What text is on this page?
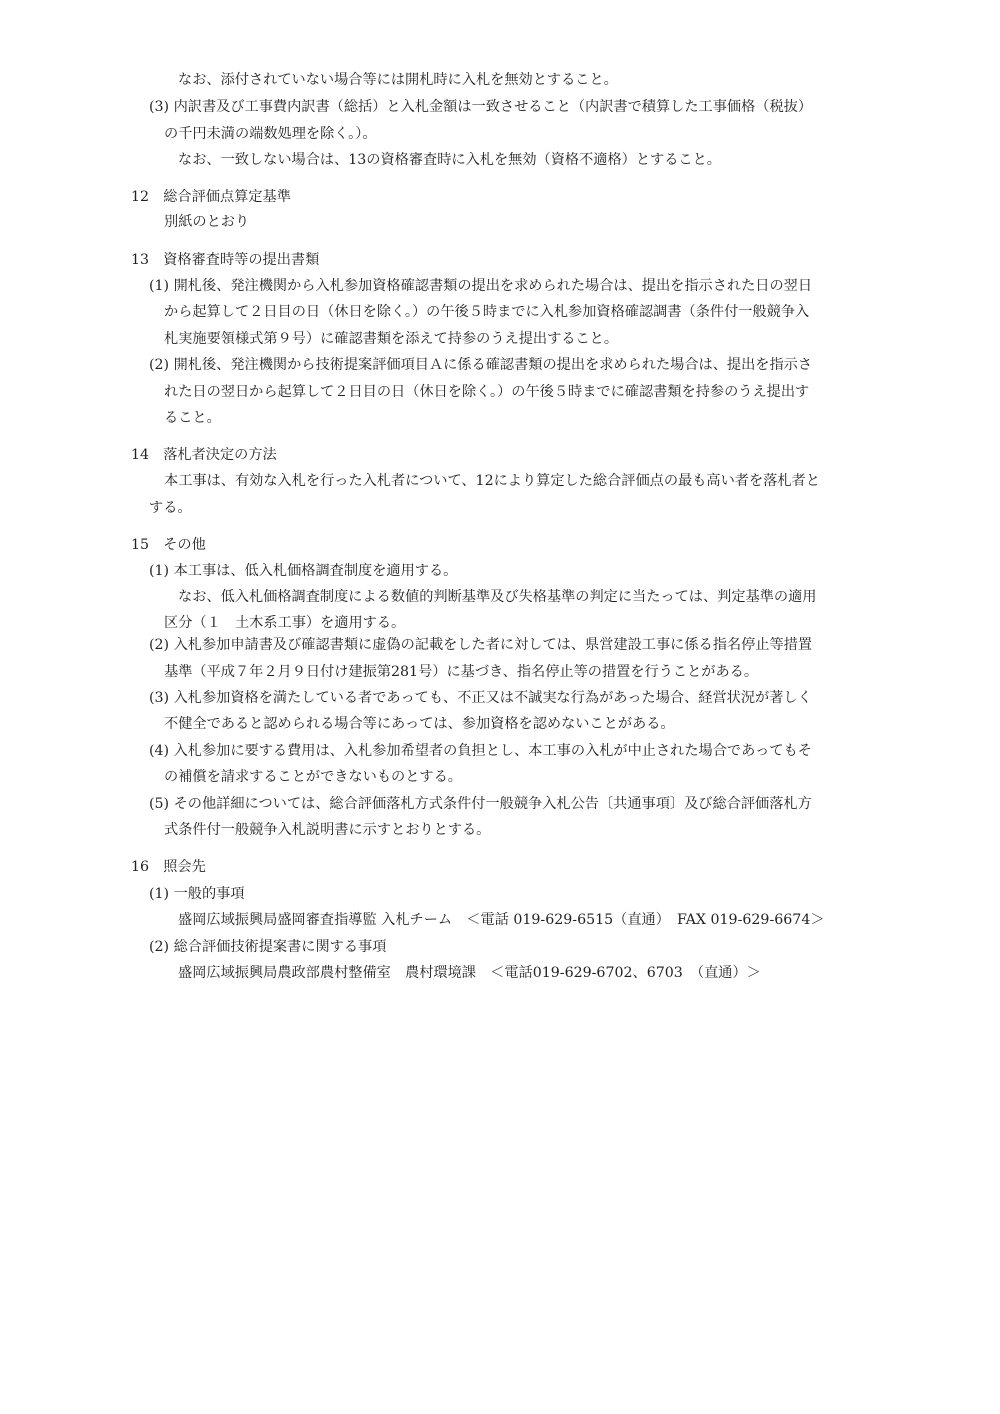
なお、添付されていない場合等には開札時に入札を無効とすること。
(3) 内訳書及び工事費内訳書（総括）と入札金額は一致させること（内訳書で積算した工事価格（税抜）
の千円未満の端数処理を除く。）。
なお、一致しない場合は、13の資格審査時に入札を無効（資格不適格）とすること。
12　総合評価点算定基準
別紙のとおり
13　資格審査時等の提出書類
(1) 開札後、発注機関から入札参加資格確認書類の提出を求められた場合は、提出を指示された日の翌日
から起算して２日目の日（休日を除く。）の午後５時までに入札参加資格確認調書（条件付一般競争入
札実施要領様式第９号）に確認書類を添えて持参のうえ提出すること。
(2) 開札後、発注機関から技術提案評価項目Ａに係る確認書類の提出を求められた場合は、提出を指示さ
れた日の翌日から起算して２日目の日（休日を除く。）の午後５時までに確認書類を持参のうえ提出す
ること。
14　落札者決定の方法
本工事は、有効な入札を行った入札者について、12により算定した総合評価点の最も高い者を落札者と
する。
15　その他
(1) 本工事は、低入札価格調査制度を適用する。
なお、低入札価格調査制度による数値的判断基準及び失格基準の判定に当たっては、判定基準の適用
区分（１　土木系工事）を適用する。
(2) 入札参加申請書及び確認書類に虚偽の記載をした者に対しては、県営建設工事に係る指名停止等措置
基準（平成７年２月９日付け建振第281号）に基づき、指名停止等の措置を行うことがある。
(3) 入札参加資格を満たしている者であっても、不正又は不誠実な行為があった場合、経営状況が著しく
不健全であると認められる場合等にあっては、参加資格を認めないことがある。
(4) 入札参加に要する費用は、入札参加希望者の負担とし、本工事の入札が中止された場合であってもそ
の補償を請求することができないものとする。
(5) その他詳細については、総合評価落札方式条件付一般競争入札公告〔共通事項〕及び総合評価落札方
式条件付一般競争入札説明書に示すとおりとする。
16　照会先
(1) 一般的事項
盛岡広域振興局盛岡審査指導監 入札チーム　＜電話 019-629-6515（直通）　FAX 019-629-6674＞
(2) 総合評価技術提案書に関する事項
盛岡広域振興局農政部農村整備室　農村環境課　＜電話019-629-6702、6703　（直通）＞
